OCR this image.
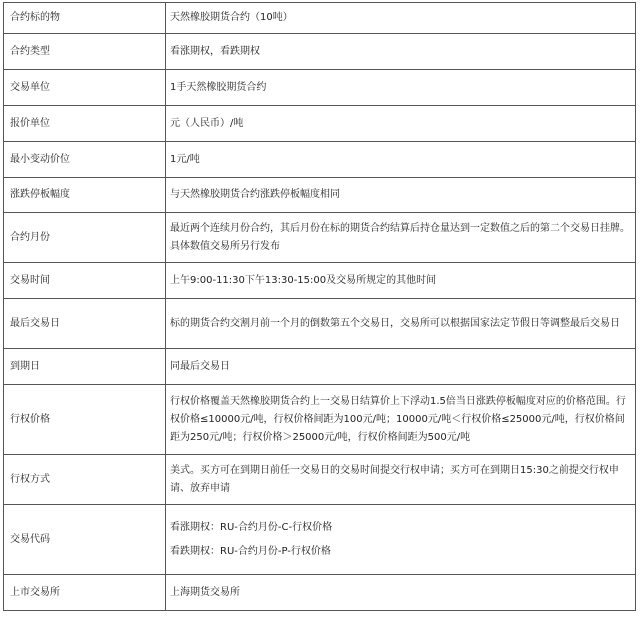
合约标的物	天然橡胶期货合约（10吨）
合约类型	看涨期权，看跌期权
交易单位	1手天然橡胶期货合约
报价单位	元（人民币）/吨
最小变动价位	1元/吨
涨跌停板幅度	与天然橡胶期货合约涨跌停板幅度相同
合约月份	最近两个连续月份合约，其后月份在标的期货合约结算后持仓量达到一定数值之后的第二个交易日挂牌。具体数值交易所另行发布
交易时间	上午9:00-11:30下午13:30-15:00及交易所规定的其他时间
最后交易日	标的期货合约交割月前一个月的倒数第五个交易日，交易所可以根据国家法定节假日等调整最后交易日
到期日	同最后交易日
行权价格	行权价格覆盖天然橡胶期货合约上一交易日结算价上下浮动1.5倍当日涨跌停板幅度对应的价格范围。行权价格≤10000元/吨，行权价格间距为100元/吨；10000元/吨＜行权价格≤25000元/吨，行权价格间距为250元/吨；行权价格＞25000元/吨，行权价格间距为500元/吨
行权方式	美式。买方可在到期日前任一交易日的交易时间提交行权申请；买方可在到期日15:30之前提交行权申请、放弃申请
交易代码	看涨期权：RU-合约月份-C-行权价格
看跌期权：RU-合约月份-P-行权价格

上市交易所	上海期货交易所
